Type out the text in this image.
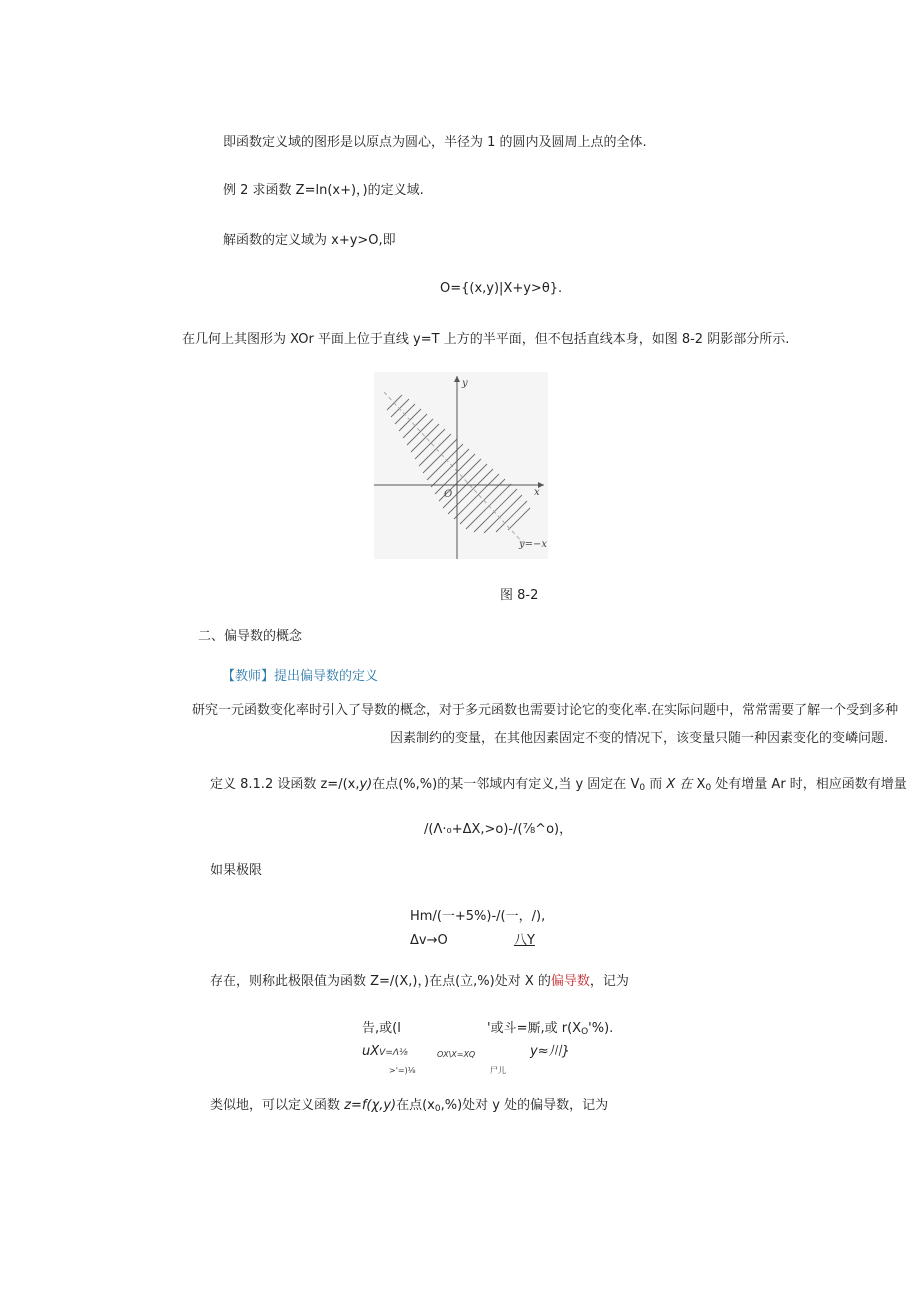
即函数定义域的图形是以原点为圆心，半径为 1 的圆内及圆周上点的全体.
例 2 求函数 Z=ln(x+)，)的定义域.
解函数的定义域为 x+y>O,即
O={(x,y)|X+y>θ}.
在几何上其图形为 XOr 平面上位于直线 y=T 上方的半平面，但不包括直线本身，如图 8-2 阴影部分所示.
y
x
O
y=−x
图 8-2
二、偏导数的概念
【教师】提出偏导数的定义
研究一元函数变化率时引入了导数的概念，对于多元函数也需要讨论它的变化率.在实际问题中，常常需要了解一个受到多种
因素制约的变量，在其他因素固定不变的情况下，该变量只随一种因素变化的变嶙问题.
定义 8.1.2 设函数 z=/(x,y)在点(%,%)的某一邻域内有定义,当 y 固定在 $V_0$ 而 X 在 $X_0$ 处有增量 Ar 时，相应函数有增量
/(Λ·₀+ΔX,>o)-/(⅞^o)，
如果极限
Hm/(一+5%)-/(一，/),
Δv→O	八Y
存在，则称此极限值为函数 Z=/(X,)，)在点(立,%)处对 X 的偏导数，记为
告,或(l	'或斗=厮,或 $r(X_O'\%)$.
uXV=Λ⅛	OX\X=XQ	y≈川}
>'=)⅛	尸儿
类似地，可以定义函数 z=f(χ,y)在点$(x_0,\%)$处对 y 处的偏导数，记为
